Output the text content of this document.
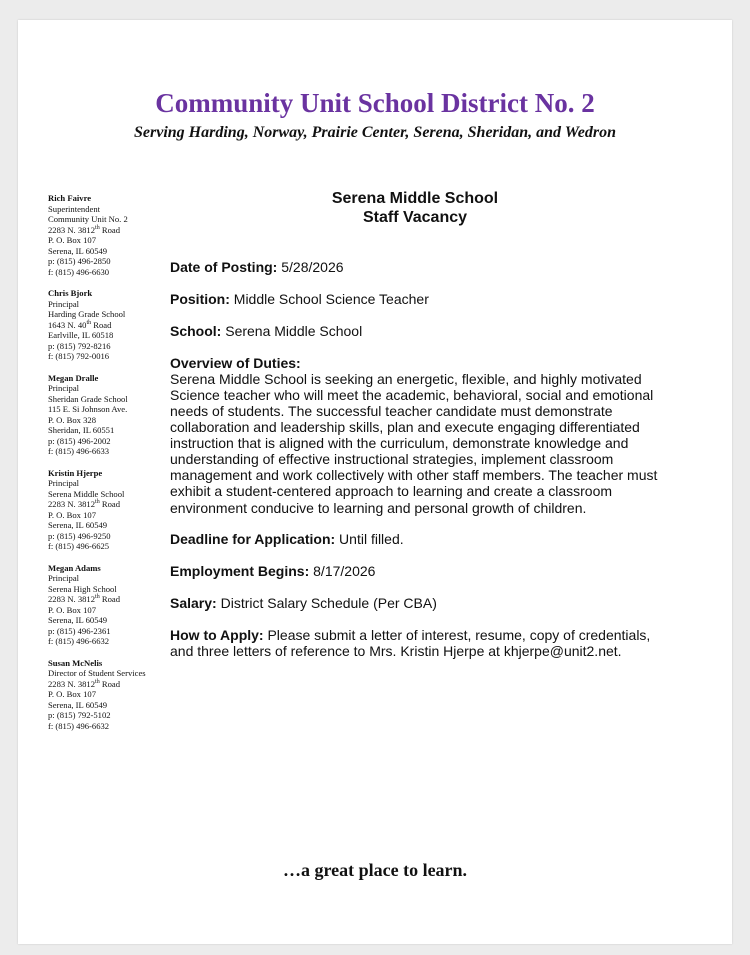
Community Unit School District No. 2
Serving Harding, Norway, Prairie Center, Serena, Sheridan, and Wedron
Rich Faivre
Superintendent
Community Unit No. 2
2283 N. 3812th Road
P. O. Box 107
Serena, IL 60549
p: (815) 496-2850
f: (815) 496-6630
Chris Bjork
Principal
Harding Grade School
1643 N. 40th Road
Earlville, IL 60518
p: (815) 792-8216
f: (815) 792-0016
Megan Dralle
Principal
Sheridan Grade School
115 E. Si Johnson Ave.
P. O. Box 328
Sheridan, IL 60551
p: (815) 496-2002
f: (815) 496-6633
Kristin Hjerpe
Principal
Serena Middle School
2283 N. 3812th Road
P. O. Box 107
Serena, IL 60549
p: (815) 496-9250
f: (815) 496-6625
Megan Adams
Principal
Serena High School
2283 N. 3812th Road
P. O. Box 107
Serena, IL 60549
p: (815) 496-2361
f: (815) 496-6632
Susan McNelis
Director of Student Services
2283 N. 3812th Road
P. O. Box 107
Serena, IL 60549
p: (815) 792-5102
f: (815) 496-6632
Serena Middle School
Staff Vacancy
Date of Posting: 5/28/2026
Position: Middle School Science Teacher
School: Serena Middle School
Overview of Duties:
Serena Middle School is seeking an energetic, flexible, and highly motivated Science teacher who will meet the academic, behavioral, social and emotional needs of students. The successful teacher candidate must demonstrate collaboration and leadership skills, plan and execute engaging differentiated instruction that is aligned with the curriculum, demonstrate knowledge and understanding of effective instructional strategies, implement classroom management and work collectively with other staff members. The teacher must exhibit a student-centered approach to learning and create a classroom environment conducive to learning and personal growth of children.
Deadline for Application: Until filled.
Employment Begins: 8/17/2026
Salary: District Salary Schedule (Per CBA)
How to Apply: Please submit a letter of interest, resume, copy of credentials, and three letters of reference to Mrs. Kristin Hjerpe at khjerpe@unit2.net.
…a great place to learn.
